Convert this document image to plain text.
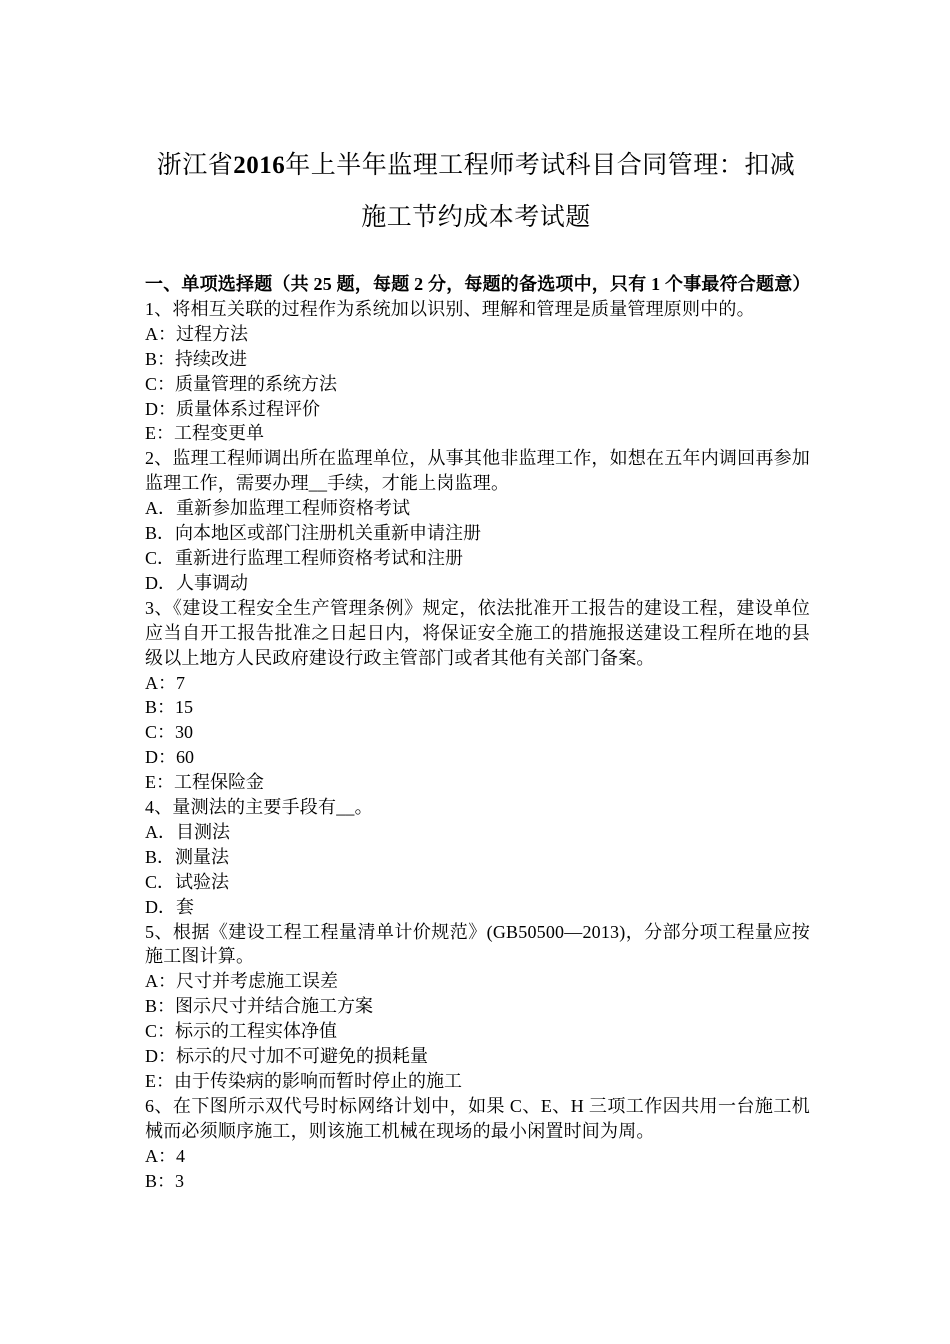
浙江省2016年上半年监理工程师考试科目合同管理：扣减施工节约成本考试题

一、单项选择题（共 25 题，每题 2 分，每题的备选项中，只有 1 个事最符合题意）

1、将相互关联的过程作为系统加以识别、理解和管理是质量管理原则中的。

A：过程方法

B：持续改进

C：质量管理的系统方法

D：质量体系过程评价

E：工程变更单

2、监理工程师调出所在监理单位，从事其他非监理工作，如想在五年内调回再参加监理工作，需要办理__手续，才能上岗监理。

A．重新参加监理工程师资格考试

B．向本地区或部门注册机关重新申请注册

C．重新进行监理工程师资格考试和注册

D．人事调动

3、《建设工程安全生产管理条例》规定，依法批准开工报告的建设工程，建设单位应当自开工报告批准之日起日内，将保证安全施工的措施报送建设工程所在地的县级以上地方人民政府建设行政主管部门或者其他有关部门备案。

A：7

B：15

C：30

D：60

E：工程保险金

4、量测法的主要手段有__。

A．目测法

B．测量法

C．试验法

D．套

5、根据《建设工程工程量清单计价规范》(GB50500—2013)，分部分项工程量应按施工图计算。

A：尺寸并考虑施工误差

B：图示尺寸并结合施工方案

C：标示的工程实体净值

D：标示的尺寸加不可避免的损耗量

E：由于传染病的影响而暂时停止的施工

6、在下图所示双代号时标网络计划中，如果 C、E、H 三项工作因共用一台施工机械而必须顺序施工，则该施工机械在现场的最小闲置时间为周。

A：4

B：3
